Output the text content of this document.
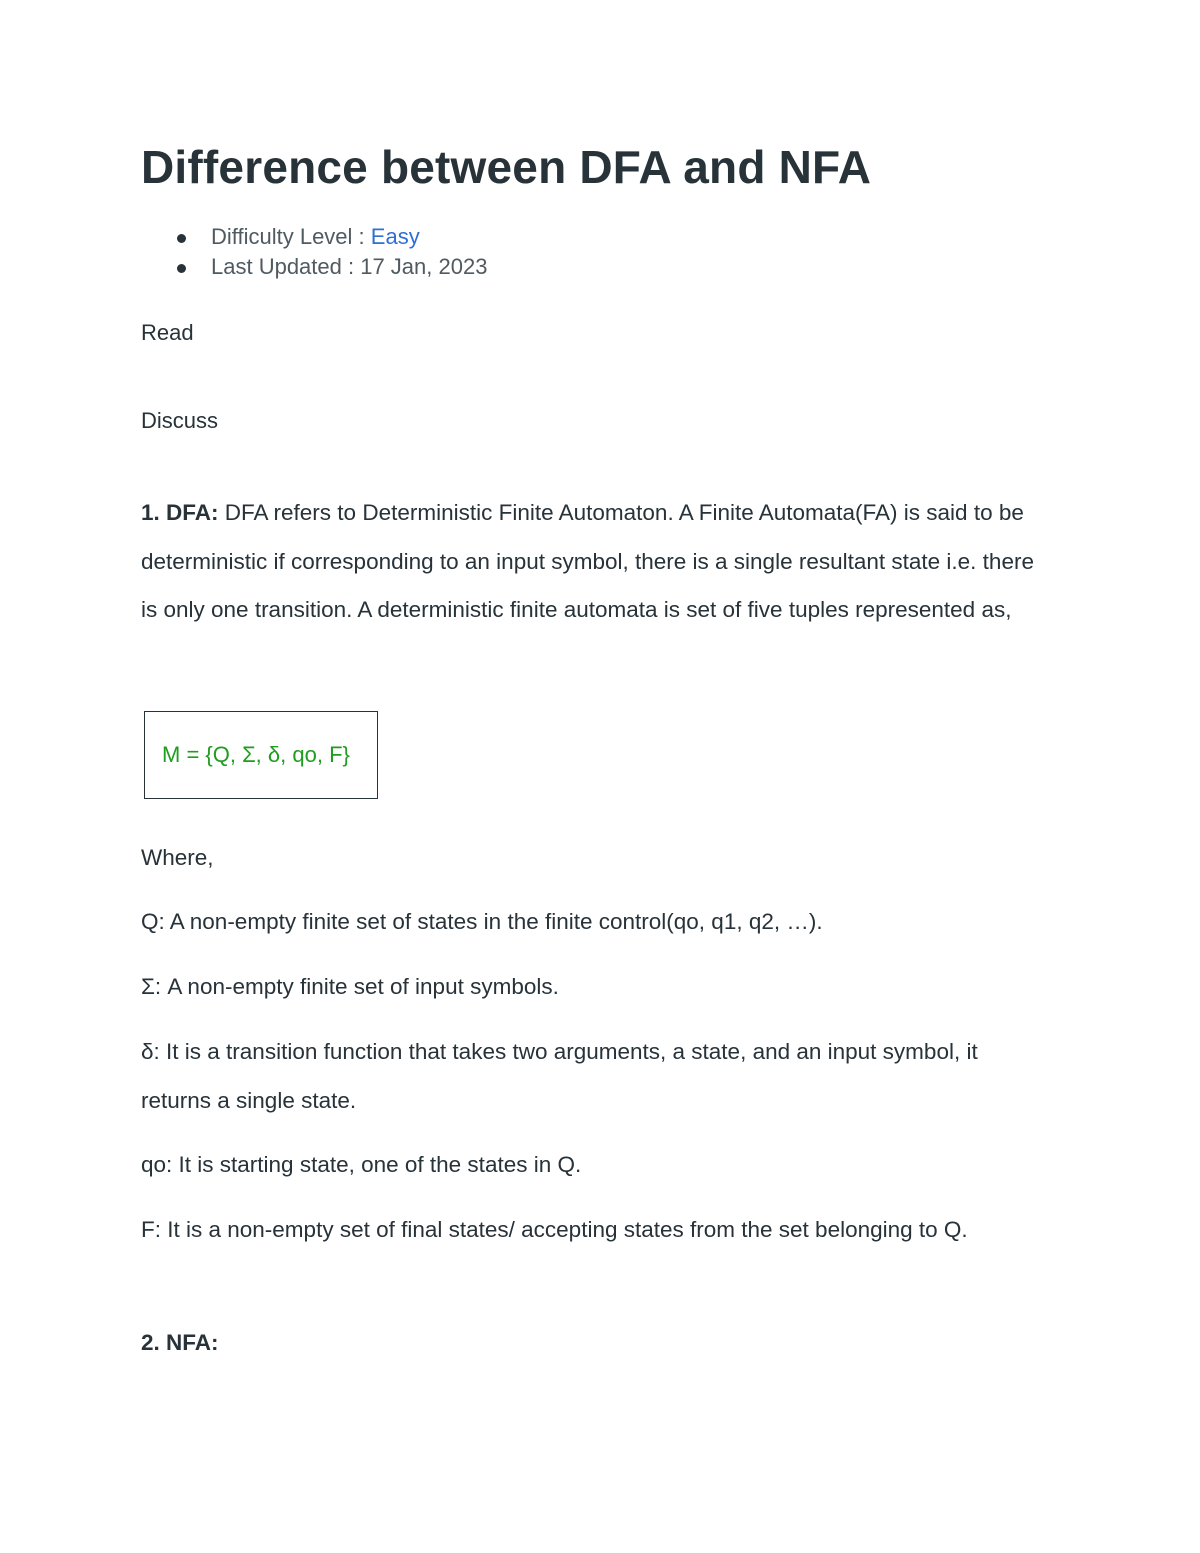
Difference between DFA and NFA
Difficulty Level : Easy
Last Updated : 17 Jan, 2023
Read
Discuss

1. DFA: DFA refers to Deterministic Finite Automaton. A Finite Automata(FA) is said to be deterministic if corresponding to an input symbol, there is a single resultant state i.e. there is only one transition. A deterministic finite automata is set of five tuples represented as,

M = {Q, Σ, δ, qo, F}
Where,
Q: A non-empty finite set of states in the finite control(qo, q1, q2, …).
Σ: A non-empty finite set of input symbols.
δ: It is a transition function that takes two arguments, a state, and an input symbol, it returns a single state.
qo: It is starting state, one of the states in Q.
F: It is a non-empty set of final states/ accepting states from the set belonging to Q.
2. NFA:
